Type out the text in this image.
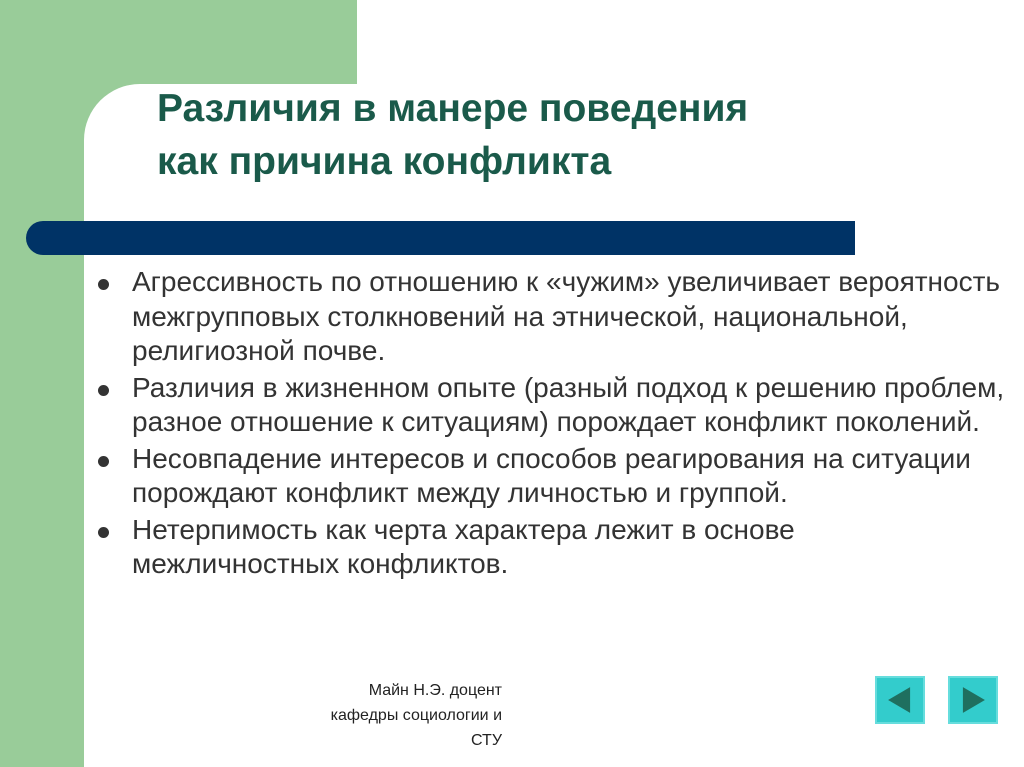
Различия в манере поведения
как причина конфликта
Агрессивность по отношению к «чужим» увеличивает вероятность межгрупповых столкновений на этнической, национальной, религиозной почве.
Различия в жизненном опыте (разный подход к решению проблем, разное отношение к ситуациям) порождает конфликт поколений.
Несовпадение интересов и способов реагирования на ситуации порождают конфликт между личностью и группой.
Нетерпимость как черта характера лежит в основе межличностных конфликтов.
Майн Н.Э. доцент
кафедры социологии и
СТУ
